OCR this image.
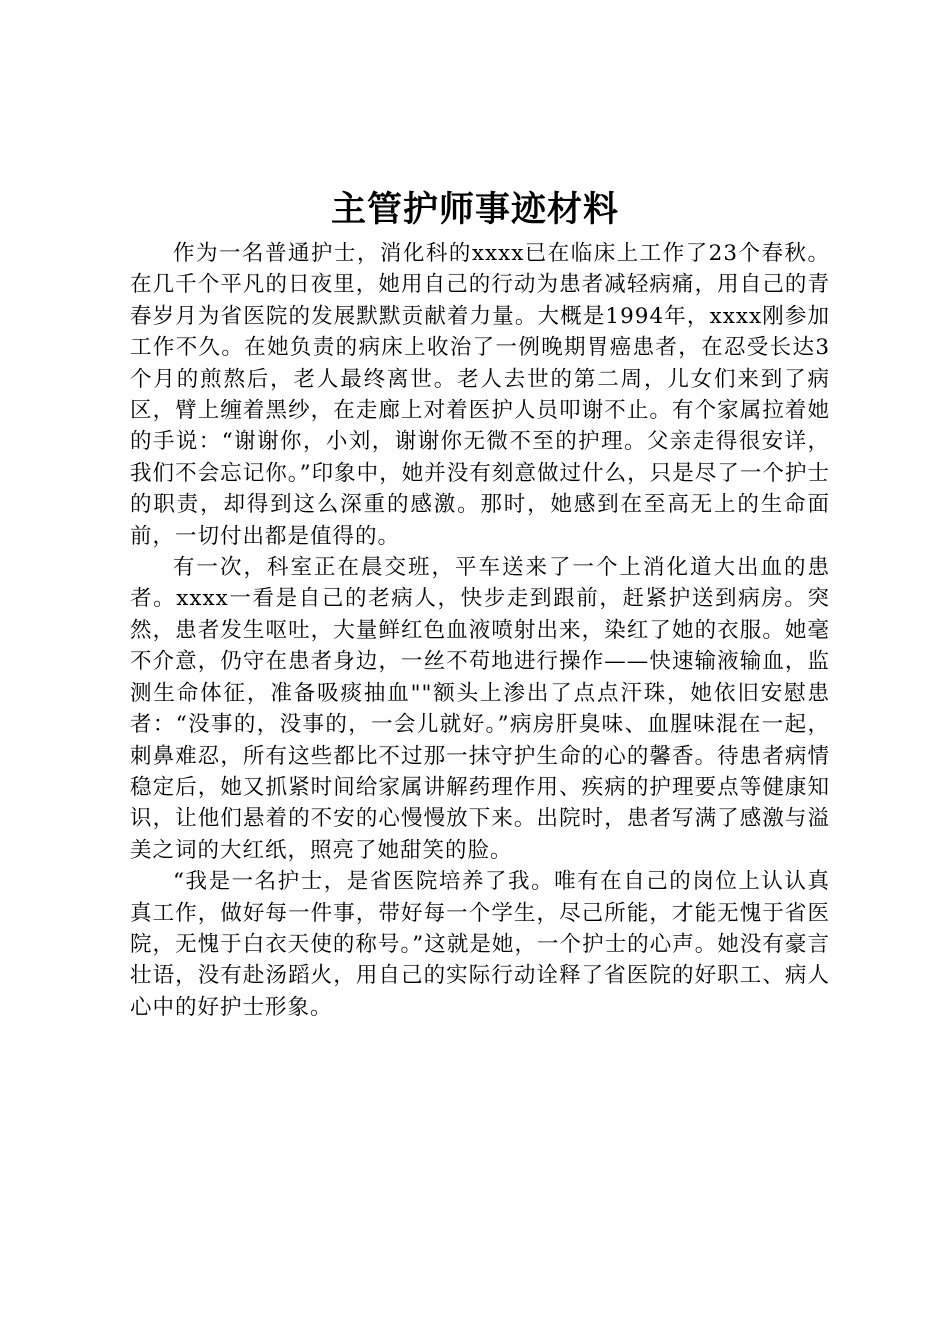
主管护师事迹材料

作为一名普通护士，消化科的xxxx已在临床上工作了23个春秋。在几千个平凡的日夜里，她用自己的行动为患者减轻病痛，用自己的青春岁月为省医院的发展默默贡献着力量。大概是1994年，xxxx刚参加工作不久。在她负责的病床上收治了一例晚期胃癌患者，在忍受长达3个月的煎熬后，老人最终离世。老人去世的第二周，儿女们来到了病区，臂上缠着黑纱，在走廊上对着医护人员叩谢不止。有个家属拉着她的手说：“谢谢你，小刘，谢谢你无微不至的护理。父亲走得很安详，我们不会忘记你。”印象中，她并没有刻意做过什么，只是尽了一个护士的职责，却得到这么深重的感激。那时，她感到在至高无上的生命面前，一切付出都是值得的。

有一次，科室正在晨交班，平车送来了一个上消化道大出血的患者。xxxx一看是自己的老病人，快步走到跟前，赶紧护送到病房。突然，患者发生呕吐，大量鲜红色血液喷射出来，染红了她的衣服。她毫不介意，仍守在患者身边，一丝不苟地进行操作——快速输液输血，监测生命体征，准备吸痰抽血""额头上渗出了点点汗珠，她依旧安慰患者：“没事的，没事的，一会儿就好。”病房肝臭味、血腥味混在一起，刺鼻难忍，所有这些都比不过那一抹守护生命的心的馨香。待患者病情稳定后，她又抓紧时间给家属讲解药理作用、疾病的护理要点等健康知识，让他们悬着的不安的心慢慢放下来。出院时，患者写满了感激与溢美之词的大红纸，照亮了她甜笑的脸。

“我是一名护士，是省医院培养了我。唯有在自己的岗位上认认真真工作，做好每一件事，带好每一个学生，尽己所能，才能无愧于省医院，无愧于白衣天使的称号。”这就是她，一个护士的心声。她没有豪言壮语，没有赴汤蹈火，用自己的实际行动诠释了省医院的好职工、病人心中的好护士形象。
